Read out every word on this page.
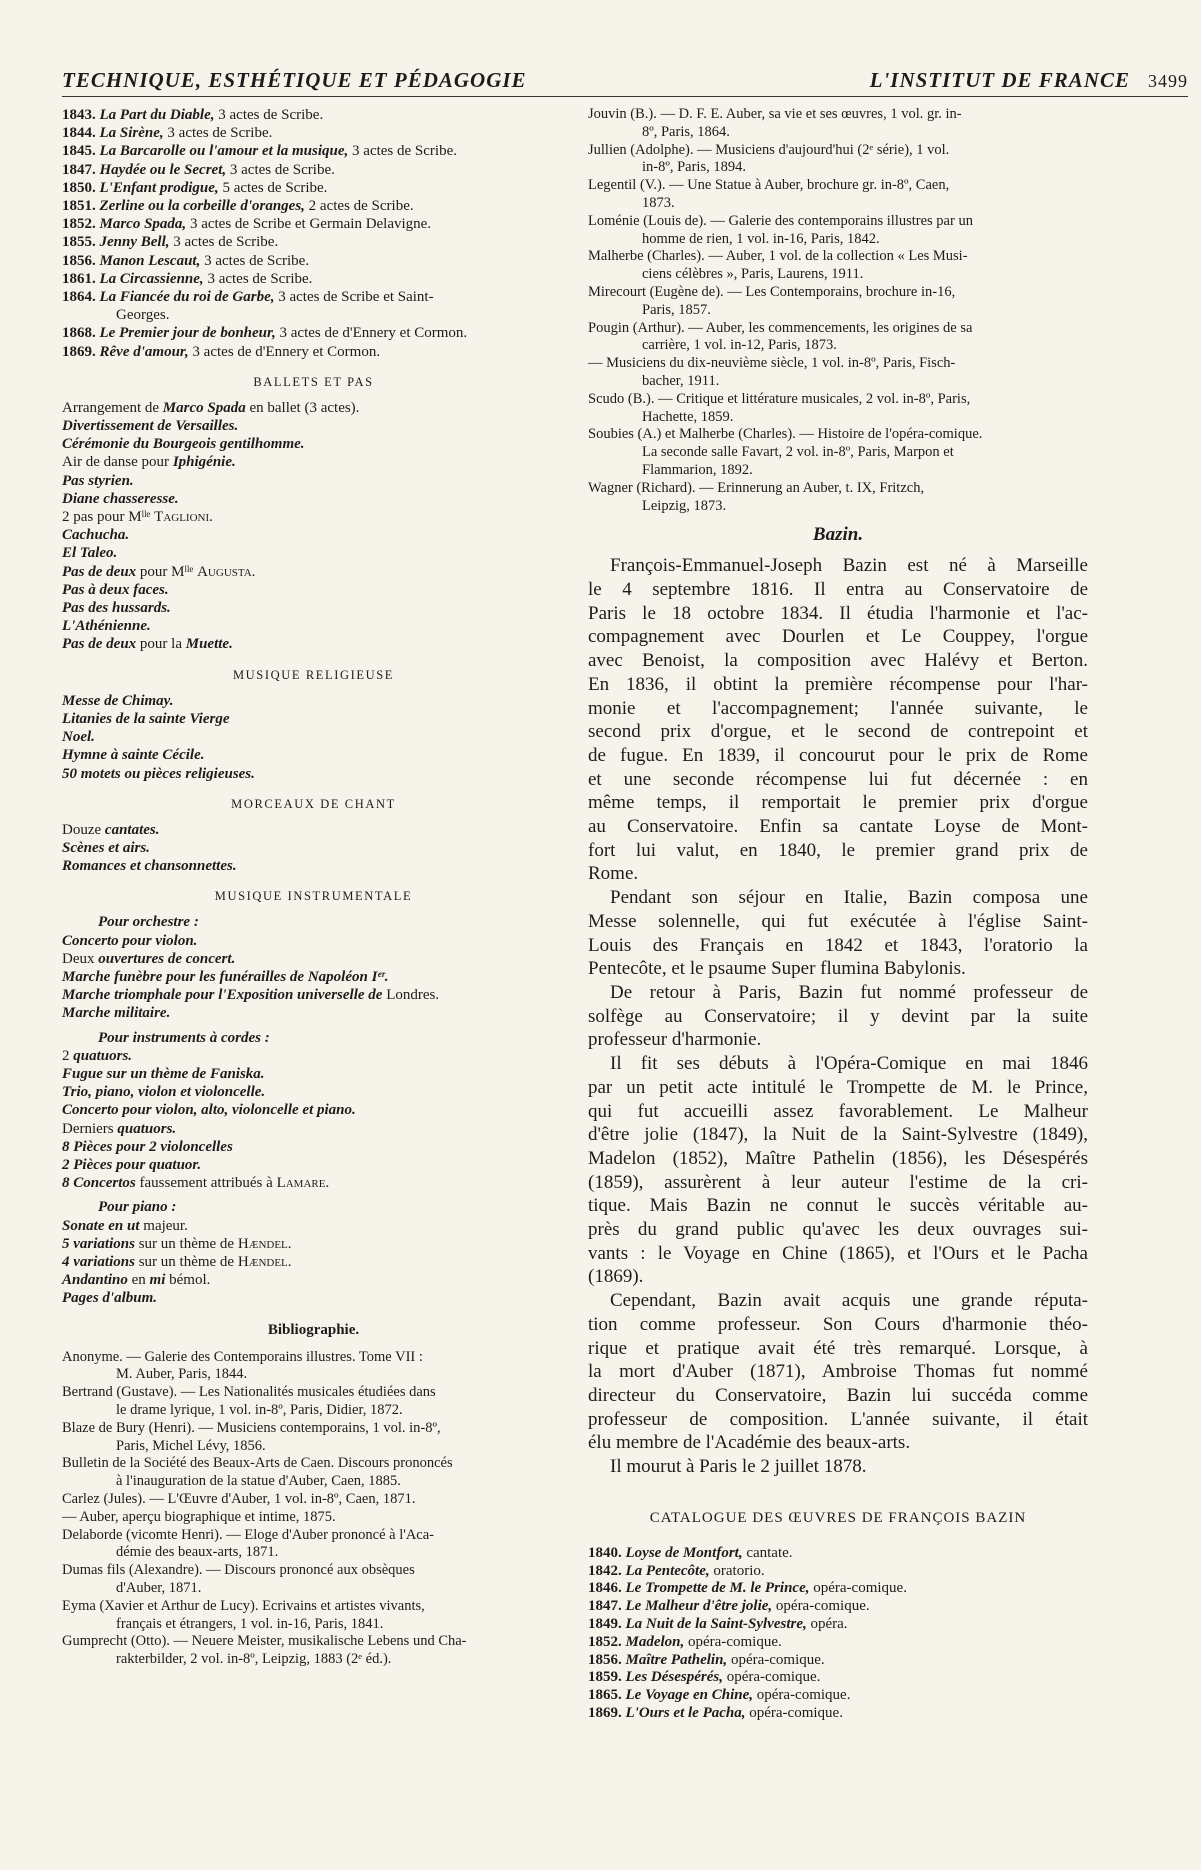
TECHNIQUE, ESTHÉTIQUE ET PÉDAGOGIE	L'INSTITUT DE FRANCE 3499
1843. La Part du Diable, 3 actes de Scribe.
1844. La Sirène, 3 actes de Scribe.
1845. La Barcarolle ou l'amour et la musique, 3 actes de Scribe.
1847. Haydée ou le Secret, 3 actes de Scribe.
1850. L'Enfant prodigue, 5 actes de Scribe.
1851. Zerline ou la corbeille d'oranges, 2 actes de Scribe.
1852. Marco Spada, 3 actes de Scribe et Germain Delavigne.
1855. Jenny Bell, 3 actes de Scribe.
1856. Manon Lescaut, 3 actes de Scribe.
1861. La Circassienne, 3 actes de Scribe.
1864. La Fiancée du roi de Garbe, 3 actes de Scribe et Saint-
Georges.
1868. Le Premier jour de bonheur, 3 actes de d'Ennery et Cormon.
1869. Rêve d'amour, 3 actes de d'Ennery et Cormon.
BALLETS ET PAS
Arrangement de Marco Spada en ballet (3 actes).
Divertissement de Versailles.
Cérémonie du Bourgeois gentilhomme.
Air de danse pour Iphigénie.
Pas styrien.
Diane chasseresse.
2 pas pour Mˡˡᵉ Taglioni.
Cachucha.
El Taleo.
Pas de deux pour Mˡˡᵉ Augusta.
Pas à deux faces.
Pas des hussards.
L'Athénienne.
Pas de deux pour la Muette.
MUSIQUE RELIGIEUSE
Messe de Chimay.
Litanies de la sainte Vierge
Noel.
Hymne à sainte Cécile.
50 motets ou pièces religieuses.
MORCEAUX DE CHANT
Douze cantates.
Scènes et airs.
Romances et chansonnettes.
MUSIQUE INSTRUMENTALE
Pour orchestre :
Concerto pour violon.
Deux ouvertures de concert.
Marche funèbre pour les funérailles de Napoléon Iᵉʳ.
Marche triomphale pour l'Exposition universelle de Londres.
Marche militaire.
Pour instruments à cordes :
2 quatuors.
Fugue sur un thème de Faniska.
Trio, piano, violon et violoncelle.
Concerto pour violon, alto, violoncelle et piano.
Derniers quatuors.
8 Pièces pour 2 violoncelles
2 Pièces pour quatuor.
8 Concertos faussement attribués à Lamare.
Pour piano :
Sonate en ut majeur.
5 variations sur un thème de Hændel.
4 variations sur un thème de Hændel.
Andantino en mi bémol.
Pages d'album.
Bibliographie.
Anonyme. — Galerie des Contemporains illustres. Tome VII :
M. Auber, Paris, 1844.
Bertrand (Gustave). — Les Nationalités musicales étudiées dans
le drame lyrique, 1 vol. in-8º, Paris, Didier, 1872.
Blaze de Bury (Henri). — Musiciens contemporains, 1 vol. in-8º,
Paris, Michel Lévy, 1856.
Bulletin de la Société des Beaux-Arts de Caen. Discours prononcés
à l'inauguration de la statue d'Auber, Caen, 1885.
Carlez (Jules). — L'Œuvre d'Auber, 1 vol. in-8º, Caen, 1871.
— Auber, aperçu biographique et intime, 1875.
Delaborde (vicomte Henri). — Eloge d'Auber prononcé à l'Aca-
démie des beaux-arts, 1871.
Dumas fils (Alexandre). — Discours prononcé aux obsèques
d'Auber, 1871.
Eyma (Xavier et Arthur de Lucy). Ecrivains et artistes vivants,
français et étrangers, 1 vol. in-16, Paris, 1841.
Gumprecht (Otto). — Neuere Meister, musikalische Lebens und Cha-
rakterbilder, 2 vol. in-8º, Leipzig, 1883 (2ᵉ éd.).
Jouvin (B.). — D. F. E. Auber, sa vie et ses œuvres, 1 vol. gr. in-
8º, Paris, 1864.
Jullien (Adolphe). — Musiciens d'aujourd'hui (2ᵉ série), 1 vol.
in-8º, Paris, 1894.
Legentil (V.). — Une Statue à Auber, brochure gr. in-8º, Caen,
1873.
Loménie (Louis de). — Galerie des contemporains illustres par un
homme de rien, 1 vol. in-16, Paris, 1842.
Malherbe (Charles). — Auber, 1 vol. de la collection « Les Musi-
ciens célèbres », Paris, Laurens, 1911.
Mirecourt (Eugène de). — Les Contemporains, brochure in-16,
Paris, 1857.
Pougin (Arthur). — Auber, les commencements, les origines de sa
carrière, 1 vol. in-12, Paris, 1873.
— Musiciens du dix-neuvième siècle, 1 vol. in-8º, Paris, Fisch-
bacher, 1911.
Scudo (B.). — Critique et littérature musicales, 2 vol. in-8º, Paris,
Hachette, 1859.
Soubies (A.) et Malherbe (Charles). — Histoire de l'opéra-comique.
La seconde salle Favart, 2 vol. in-8º, Paris, Marpon et
Flammarion, 1892.
Wagner (Richard). — Erinnerung an Auber, t. IX, Fritzch,
Leipzig, 1873.
Bazin.
François-Emmanuel-Joseph Bazin est né à Marseille
le 4 septembre 1816. Il entra au Conservatoire de
Paris le 18 octobre 1834. Il étudia l'harmonie et l'ac-
compagnement avec Dourlen et Le Couppey, l'orgue
avec Benoist, la composition avec Halévy et Berton.
En 1836, il obtint la première récompense pour l'har-
monie et l'accompagnement; l'année suivante, le
second prix d'orgue, et le second de contrepoint et
de fugue. En 1839, il concourut pour le prix de Rome
et une seconde récompense lui fut décernée : en
même temps, il remportait le premier prix d'orgue
au Conservatoire. Enfin sa cantate Loyse de Mont-
fort lui valut, en 1840, le premier grand prix de
Rome.
Pendant son séjour en Italie, Bazin composa une
Messe solennelle, qui fut exécutée à l'église Saint-
Louis des Français en 1842 et 1843, l'oratorio la
Pentecôte, et le psaume Super flumina Babylonis.
De retour à Paris, Bazin fut nommé professeur de
solfège au Conservatoire; il y devint par la suite
professeur d'harmonie.
Il fit ses débuts à l'Opéra-Comique en mai 1846
par un petit acte intitulé le Trompette de M. le Prince,
qui fut accueilli assez favorablement. Le Malheur
d'être jolie (1847), la Nuit de la Saint-Sylvestre (1849),
Madelon (1852), Maître Pathelin (1856), les Désespérés
(1859), assurèrent à leur auteur l'estime de la cri-
tique. Mais Bazin ne connut le succès véritable au-
près du grand public qu'avec les deux ouvrages sui-
vants : le Voyage en Chine (1865), et l'Ours et le Pacha
(1869).
Cependant, Bazin avait acquis une grande réputa-
tion comme professeur. Son Cours d'harmonie théo-
rique et pratique avait été très remarqué. Lorsque, à
la mort d'Auber (1871), Ambroise Thomas fut nommé
directeur du Conservatoire, Bazin lui succéda comme
professeur de composition. L'année suivante, il était
élu membre de l'Académie des beaux-arts.
Il mourut à Paris le 2 juillet 1878.
CATALOGUE DES ŒUVRES DE FRANÇOIS BAZIN
1840. Loyse de Montfort, cantate.
1842. La Pentecôte, oratorio.
1846. Le Trompette de M. le Prince, opéra-comique.
1847. Le Malheur d'être jolie, opéra-comique.
1849. La Nuit de la Saint-Sylvestre, opéra.
1852. Madelon, opéra-comique.
1856. Maître Pathelin, opéra-comique.
1859. Les Désespérés, opéra-comique.
1865. Le Voyage en Chine, opéra-comique.
1869. L'Ours et le Pacha, opéra-comique.
